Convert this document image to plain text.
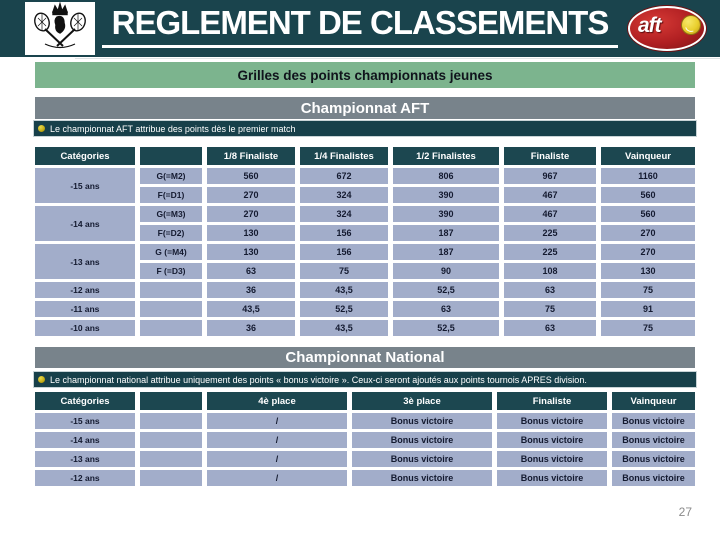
REGLEMENT DE CLASSEMENTS	aft
Grilles des points championnats jeunes
Championnat AFT
Le championnat AFT attribue des points dès le premier match
Catégories		1/8 Finaliste	1/4 Finalistes	1/2 Finalistes	Finaliste	Vainqueur
-15 ans	G(=M2)	560	672	806	967	1160
	F(=D1)	270	324	390	467	560
-14 ans	G(=M3)	270	324	390	467	560
	F(=D2)	130	156	187	225	270
-13 ans	G (=M4)	130	156	187	225	270
	F (=D3)	63	75	90	108	130
-12 ans		36	43,5	52,5	63	75
-11 ans		43,5	52,5	63	75	91
-10 ans		36	43,5	52,5	63	75
Championnat National
Le championnat national attribue uniquement des points « bonus victoire ». Ceux-ci seront ajoutés aux points tournois APRES division.
Catégories		4è place	3è place	Finaliste	Vainqueur
-15 ans		/	Bonus victoire	Bonus victoire	Bonus victoire
-14 ans		/	Bonus victoire	Bonus victoire	Bonus victoire
-13 ans		/	Bonus victoire	Bonus victoire	Bonus victoire
-12 ans		/	Bonus victoire	Bonus victoire	Bonus victoire
27
